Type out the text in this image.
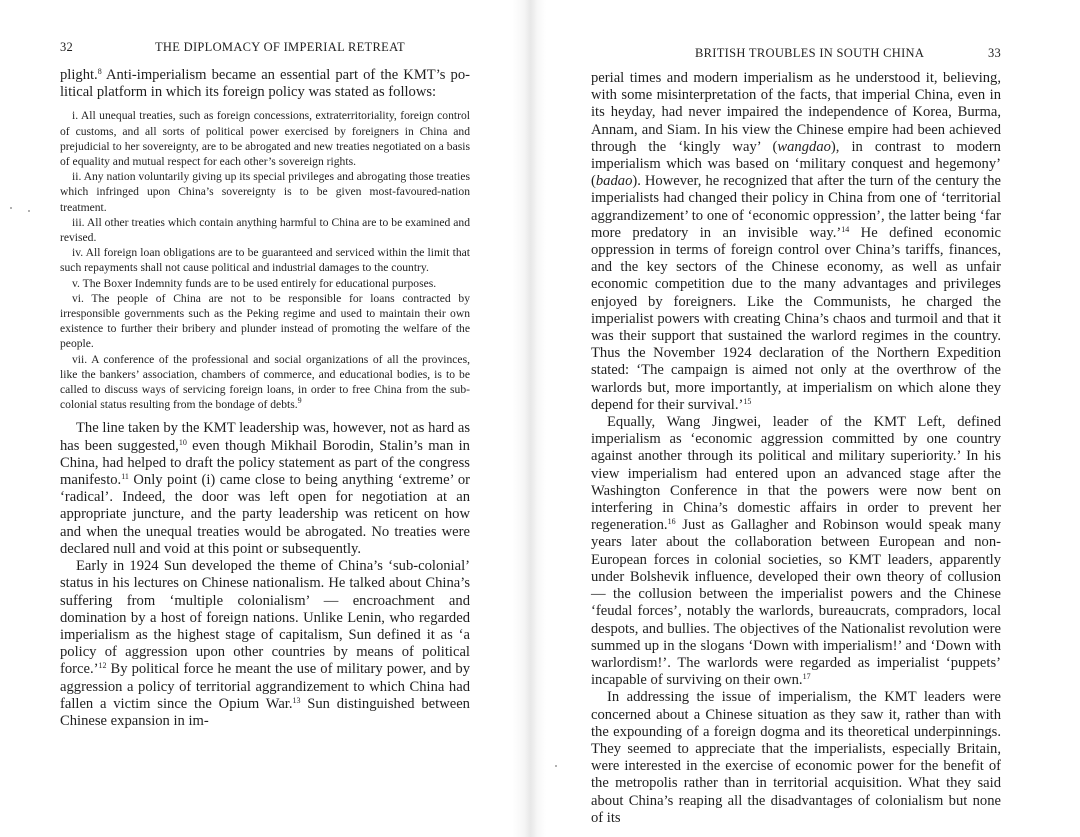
32	THE DIPLOMACY OF IMPERIAL RETREAT

plight.$^8$ Anti-imperialism became an essential part of the KMT’s political platform in which its foreign policy was stated as follows:

i. All unequal treaties, such as foreign concessions, extraterritoriality, foreign control of customs, and all sorts of political power exercised by foreigners in China and prejudicial to her sovereignty, are to be abrogated and new treaties negotiated on a basis of equality and mutual respect for each other’s sovereign rights.

ii. Any nation voluntarily giving up its special privileges and abrogating those treaties which infringed upon China’s sovereignty is to be given most-favoured-nation treatment.

iii. All other treaties which contain anything harmful to China are to be examined and revised.

iv. All foreign loan obligations are to be guaranteed and serviced within the limit that such repayments shall not cause political and industrial damages to the country.

v. The Boxer Indemnity funds are to be used entirely for educational purposes.

vi. The people of China are not to be responsible for loans contracted by irresponsible governments such as the Peking regime and used to maintain their own existence to further their bribery and plunder instead of promoting the welfare of the people.

vii. A conference of the professional and social organizations of all the provinces, like the bankers’ association, chambers of commerce, and educational bodies, is to be called to discuss ways of servicing foreign loans, in order to free China from the sub-colonial status resulting from the bondage of debts.$^9$

The line taken by the KMT leadership was, however, not as hard as has been suggested,$^{10}$ even though Mikhail Borodin, Stalin’s man in China, had helped to draft the policy statement as part of the congress manifesto.$^{11}$ Only point (i) came close to being anything ‘extreme’ or ‘radical’. Indeed, the door was left open for negotiation at an appropriate juncture, and the party leadership was reticent on how and when the unequal treaties would be abrogated. No treaties were declared null and void at this point or subsequently.

Early in 1924 Sun developed the theme of China’s ‘sub-colonial’ status in his lectures on Chinese nationalism. He talked about China’s suffering from ‘multiple colonialism’ — encroachment and domination by a host of foreign nations. Unlike Lenin, who regarded imperialism as the highest stage of capitalism, Sun defined it as ‘a policy of aggression upon other countries by means of political force.’$^{12}$ By political force he meant the use of military power, and by aggression a policy of territorial aggrandizement to which China had fallen a victim since the Opium War.$^{13}$ Sun distinguished between Chinese expansion in im-

BRITISH TROUBLES IN SOUTH CHINA	33

perial times and modern imperialism as he understood it, believing, with some misinterpretation of the facts, that imperial China, even in its heyday, had never impaired the independence of Korea, Burma, Annam, and Siam. In his view the Chinese empire had been achieved through the ‘kingly way’ (wangdao), in contrast to modern imperialism which was based on ‘military conquest and hegemony’ (badao). However, he recognized that after the turn of the century the imperialists had changed their policy in China from one of ‘territorial aggrandizement’ to one of ‘economic oppression’, the latter being ‘far more predatory in an invisible way.’$^{14}$ He defined economic oppression in terms of foreign control over China’s tariffs, finances, and the key sectors of the Chinese economy, as well as unfair economic competition due to the many advantages and privileges enjoyed by foreigners. Like the Communists, he charged the imperialist powers with creating China’s chaos and turmoil and that it was their support that sustained the warlord regimes in the country. Thus the November 1924 declaration of the Northern Expedition stated: ‘The campaign is aimed not only at the overthrow of the warlords but, more importantly, at imperialism on which alone they depend for their survival.’$^{15}$

Equally, Wang Jingwei, leader of the KMT Left, defined imperialism as ‘economic aggression committed by one country against another through its political and military superiority.’ In his view imperialism had entered upon an advanced stage after the Washington Conference in that the powers were now bent on interfering in China’s domestic affairs in order to prevent her regeneration.$^{16}$ Just as Gallagher and Robinson would speak many years later about the collaboration between European and non-European forces in colonial societies, so KMT leaders, apparently under Bolshevik influence, developed their own theory of collusion — the collusion between the imperialist powers and the Chinese ‘feudal forces’, notably the warlords, bureaucrats, compradors, local despots, and bullies. The objectives of the Nationalist revolution were summed up in the slogans ‘Down with imperialism!’ and ‘Down with warlordism!’. The warlords were regarded as imperialist ‘puppets’ incapable of surviving on their own.$^{17}$

In addressing the issue of imperialism, the KMT leaders were concerned about a Chinese situation as they saw it, rather than with the expounding of a foreign dogma and its theoretical underpinnings. They seemed to appreciate that the imperialists, especially Britain, were interested in the exercise of economic power for the benefit of the metropolis rather than in territorial acquisition. What they said about China’s reaping all the disadvantages of colonialism but none of its
